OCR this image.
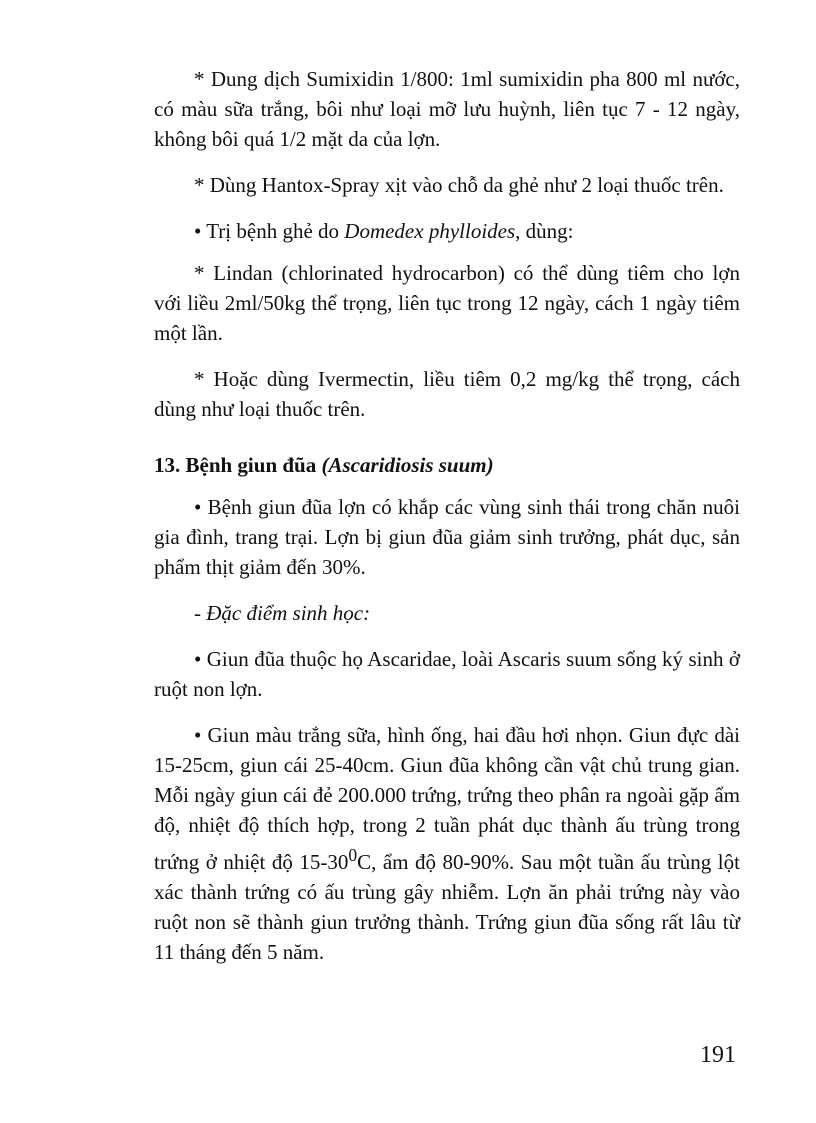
* Dung dịch Sumixidin 1/800: 1ml sumixidin pha 800 ml nước, có màu sữa trắng, bôi như loại mỡ lưu huỳnh, liên tục 7 - 12 ngày, không bôi quá 1/2 mặt da của lợn.

* Dùng Hantox-Spray xịt vào chỗ da ghẻ như 2 loại thuốc trên.

• Trị bệnh ghẻ do Domedex phylloides, dùng:

* Lindan (chlorinated hydrocarbon) có thể dùng tiêm cho lợn với liều 2ml/50kg thể trọng, liên tục trong 12 ngày, cách 1 ngày tiêm một lần.

* Hoặc dùng Ivermectin, liều tiêm 0,2 mg/kg thể trọng, cách dùng như loại thuốc trên.

13. Bệnh giun đũa (Ascaridiosis suum)

• Bệnh giun đũa lợn có khắp các vùng sinh thái trong chăn nuôi gia đình, trang trại. Lợn bị giun đũa giảm sinh trưởng, phát dục, sản phẩm thịt giảm đến 30%.

- Đặc điểm sinh học:

• Giun đũa thuộc họ Ascaridae, loài Ascaris suum sống ký sinh ở ruột non lợn.

• Giun màu trắng sữa, hình ống, hai đầu hơi nhọn. Giun đực dài 15-25cm, giun cái 25-40cm. Giun đũa không cần vật chủ trung gian. Mỗi ngày giun cái đẻ 200.000 trứng, trứng theo phân ra ngoài gặp ẩm độ, nhiệt độ thích hợp, trong 2 tuần phát dục thành ấu trùng trong trứng ở nhiệt độ $15-30^0C$, ẩm độ 80-90%. Sau một tuần ấu trùng lột xác thành trứng có ấu trùng gây nhiễm. Lợn ăn phải trứng này vào ruột non sẽ thành giun trưởng thành. Trứng giun đũa sống rất lâu từ 11 tháng đến 5 năm.

191
